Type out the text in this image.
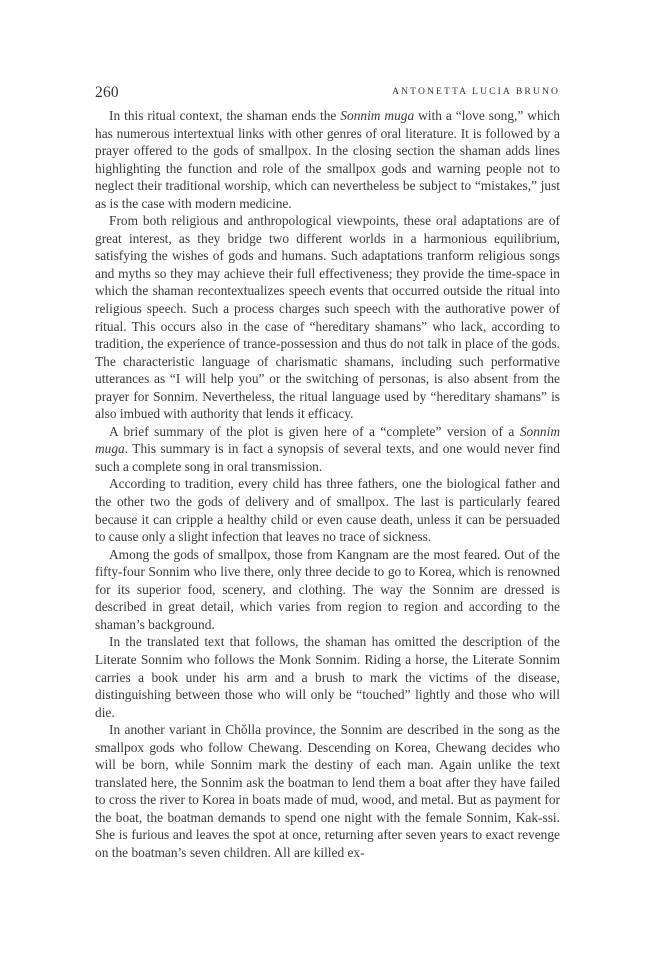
260	ANTONETTA LUCIA BRUNO

In this ritual context, the shaman ends the Sonnim muga with a “love song,” which has numerous intertextual links with other genres of oral literature. It is followed by a prayer offered to the gods of smallpox. In the closing section the shaman adds lines highlighting the function and role of the smallpox gods and warning people not to neglect their traditional worship, which can nevertheless be subject to “mistakes,” just as is the case with modern medicine.

From both religious and anthropological viewpoints, these oral adaptations are of great interest, as they bridge two different worlds in a harmonious equilibrium, satisfying the wishes of gods and humans. Such adaptations tranform religious songs and myths so they may achieve their full effectiveness; they provide the time-space in which the shaman recontextualizes speech events that occurred outside the ritual into religious speech. Such a process charges such speech with the authorative power of ritual. This occurs also in the case of “hereditary shamans” who lack, according to tradition, the experience of trance-possession and thus do not talk in place of the gods. The characteristic language of charismatic shamans, including such performative utterances as “I will help you” or the switching of personas, is also absent from the prayer for Sonnim. Nevertheless, the ritual language used by “hereditary shamans” is also imbued with authority that lends it efficacy.

A brief summary of the plot is given here of a “complete” version of a Sonnim muga. This summary is in fact a synopsis of several texts, and one would never find such a complete song in oral transmission.

According to tradition, every child has three fathers, one the biological father and the other two the gods of delivery and of smallpox. The last is particularly feared because it can cripple a healthy child or even cause death, unless it can be persuaded to cause only a slight infection that leaves no trace of sickness.

Among the gods of smallpox, those from Kangnam are the most feared. Out of the fifty-four Sonnim who live there, only three decide to go to Korea, which is renowned for its superior food, scenery, and clothing. The way the Sonnim are dressed is described in great detail, which varies from region to region and according to the shaman’s background.

In the translated text that follows, the shaman has omitted the description of the Literate Sonnim who follows the Monk Sonnim. Riding a horse, the Literate Sonnim carries a book under his arm and a brush to mark the victims of the disease, distinguishing between those who will only be “touched” lightly and those who will die.

In another variant in Chŏlla province, the Sonnim are described in the song as the smallpox gods who follow Chewang. Descending on Korea, Chewang decides who will be born, while Sonnim mark the destiny of each man. Again unlike the text translated here, the Sonnim ask the boatman to lend them a boat after they have failed to cross the river to Korea in boats made of mud, wood, and metal. But as payment for the boat, the boatman demands to spend one night with the female Sonnim, Kak-ssi. She is furious and leaves the spot at once, returning after seven years to exact revenge on the boatman’s seven children. All are killed ex-
